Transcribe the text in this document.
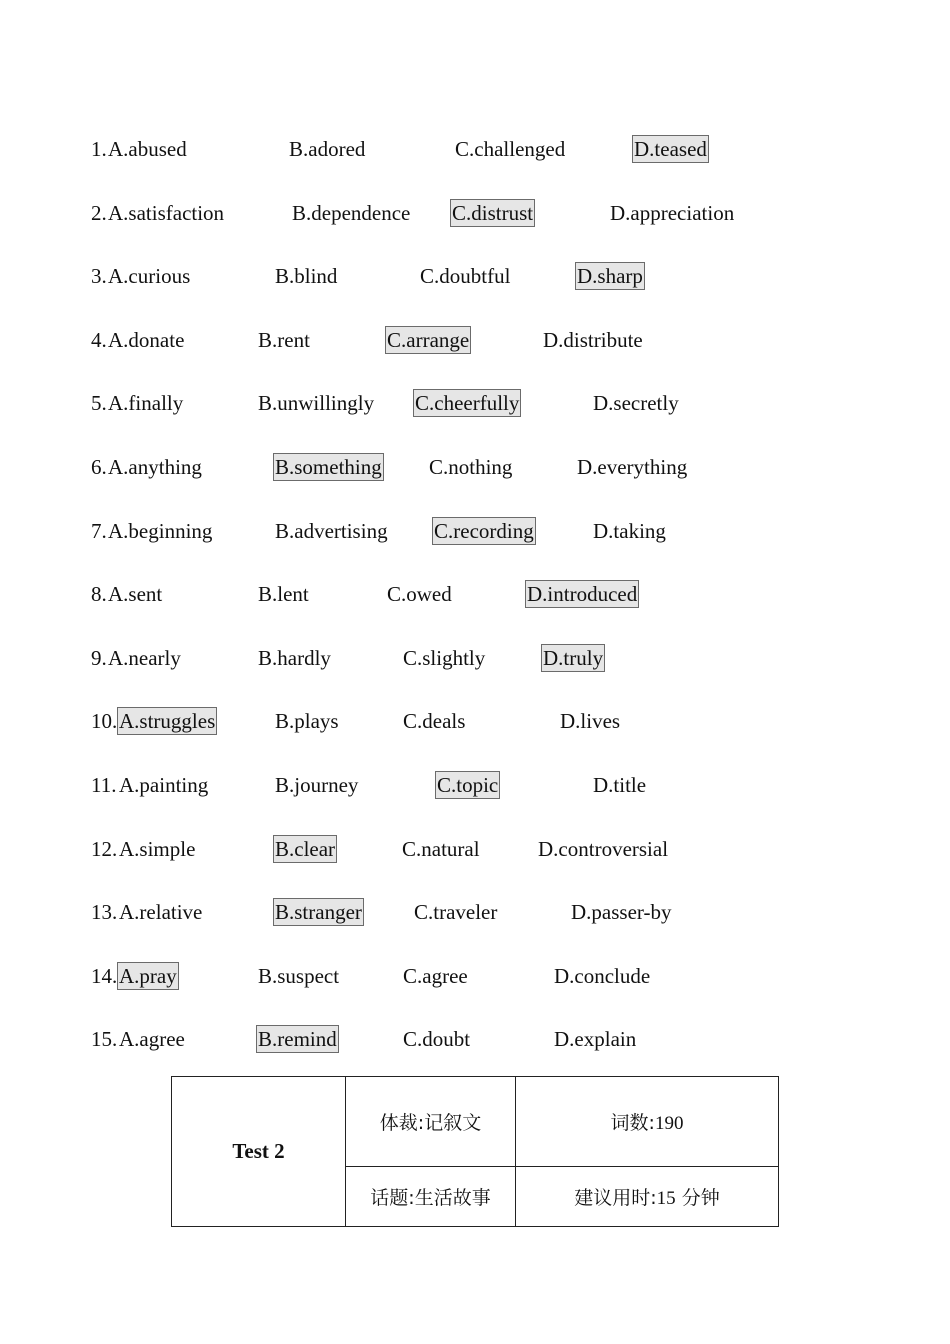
1. A.abused	B.adored	C.challenged	D.teased
2. A.satisfaction	B.dependence C.distrust	D.appreciation
3. A.curious	B.blind	C.doubtful	D.sharp
4. A.donate	B.rent	C.arrange	D.distribute
5. A.finally	B.unwillingly C.cheerfully	D.secretly
6. A.anything	B.something C.nothing	D.everything
7. A.beginning	B.advertising C.recording	D.taking
8. A.sent	B.lent	C.owed	D.introduced
9. A.nearly	B.hardly	C.slightly	D.truly
10. A.struggles	B.plays	C.deals	D.lives
11. A.painting	B.journey	C.topic	D.title
12. A.simple	B.clear	C.natural	D.controversial
13. A.relative	B.stranger C.traveler	D.passer-by
14. A.pray	B.suspect	C.agree	D.conclude
15. A.agree	B.remind	C.doubt	D.explain
Test 2	体裁:记叙文	词数:190
	话题:生活故事	建议用时:15 分钟
